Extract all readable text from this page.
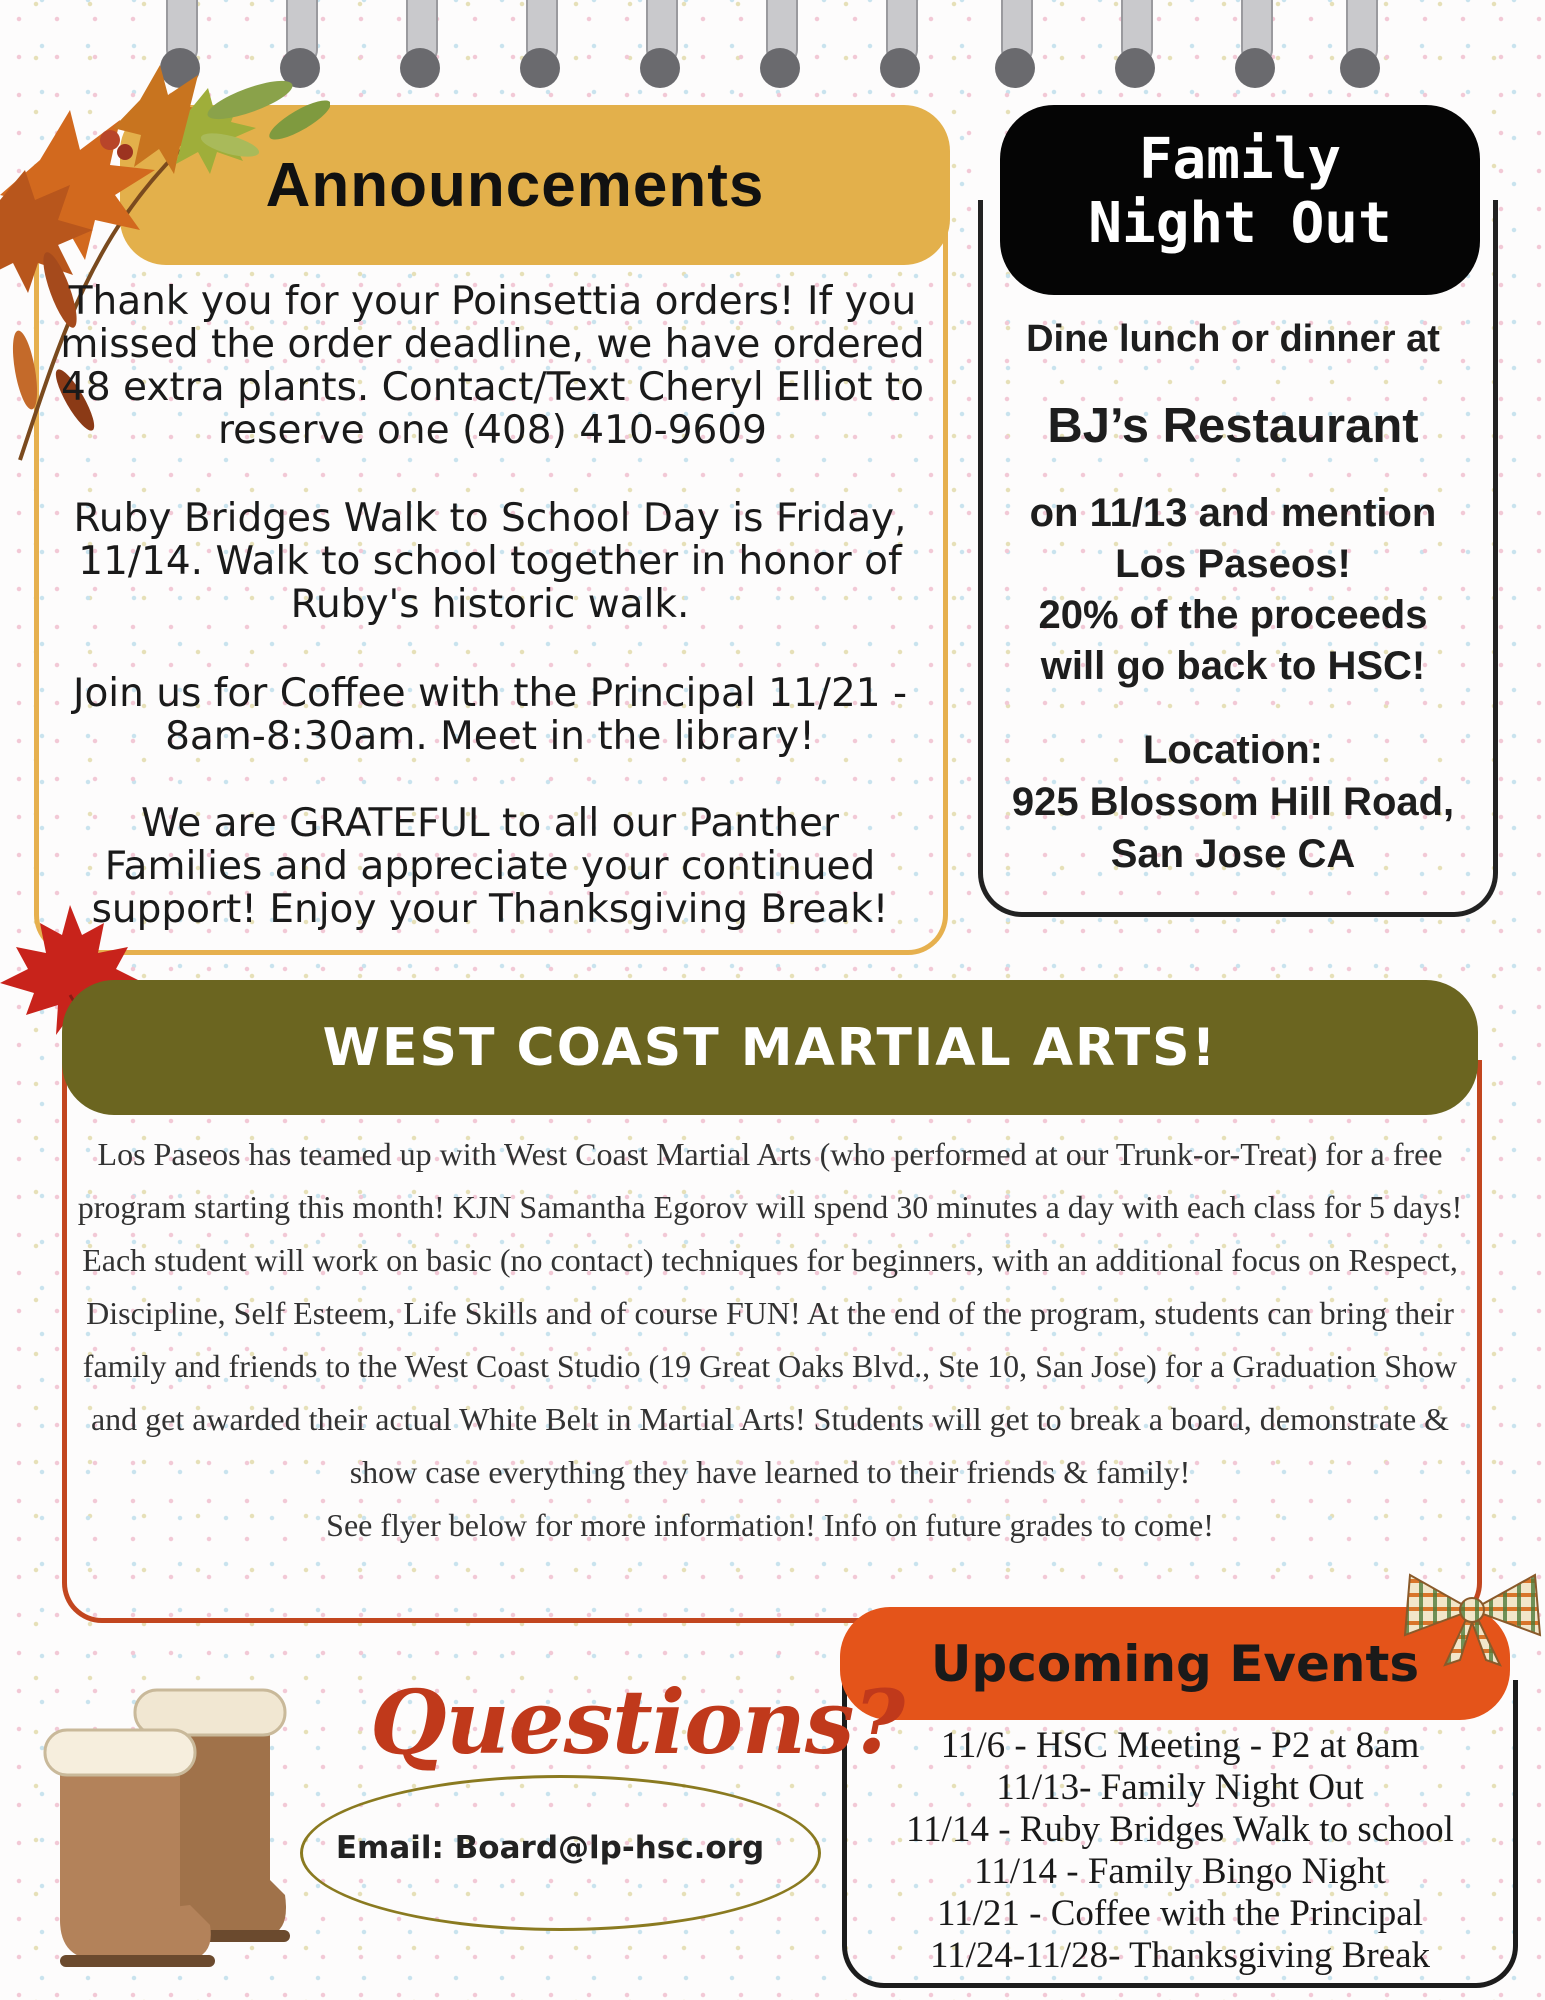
Announcements
Thank you for your Poinsettia orders! If you missed the order deadline, we have ordered 48 extra plants. Contact/Text Cheryl Elliot to reserve one (408) 410-9609
Ruby Bridges Walk to School Day is Friday, 11/14. Walk to school together in honor of Ruby's historic walk.
Join us for Coffee with the Principal 11/21 - 8am-8:30am. Meet in the library!
We are GRATEFUL to all our Panther Families and appreciate your continued support! Enjoy your Thanksgiving Break!
Family
Night Out
Dine lunch or dinner at
BJ’s Restaurant
on 11/13 and mention
Los Paseos!
20% of the proceeds
will go back to HSC!
Location:
925 Blossom Hill Road,
San Jose CA
WEST COAST MARTIAL ARTS!
Los Paseos has teamed up with West Coast Martial Arts (who performed at our Trunk-or-Treat) for a free program starting this month! KJN Samantha Egorov will spend 30 minutes a day with each class for 5 days! Each student will work on basic (no contact) techniques for beginners, with an additional focus on Respect, Discipline, Self Esteem, Life Skills and of course FUN! At the end of the program, students can bring their family and friends to the West Coast Studio (19 Great Oaks Blvd., Ste 10, San Jose) for a Graduation Show and get awarded their actual White Belt in Martial Arts! Students will get to break a board, demonstrate & show case everything they have learned to their friends & family!
See flyer below for more information! Info on future grades to come!
Upcoming Events
11/6 - HSC Meeting - P2 at 8am
11/13- Family Night Out
11/14 - Ruby Bridges Walk to school
11/14 - Family Bingo Night
11/21 - Coffee with the Principal
11/24-11/28- Thanksgiving Break
Questions?
Email: Board@lp-hsc.org
